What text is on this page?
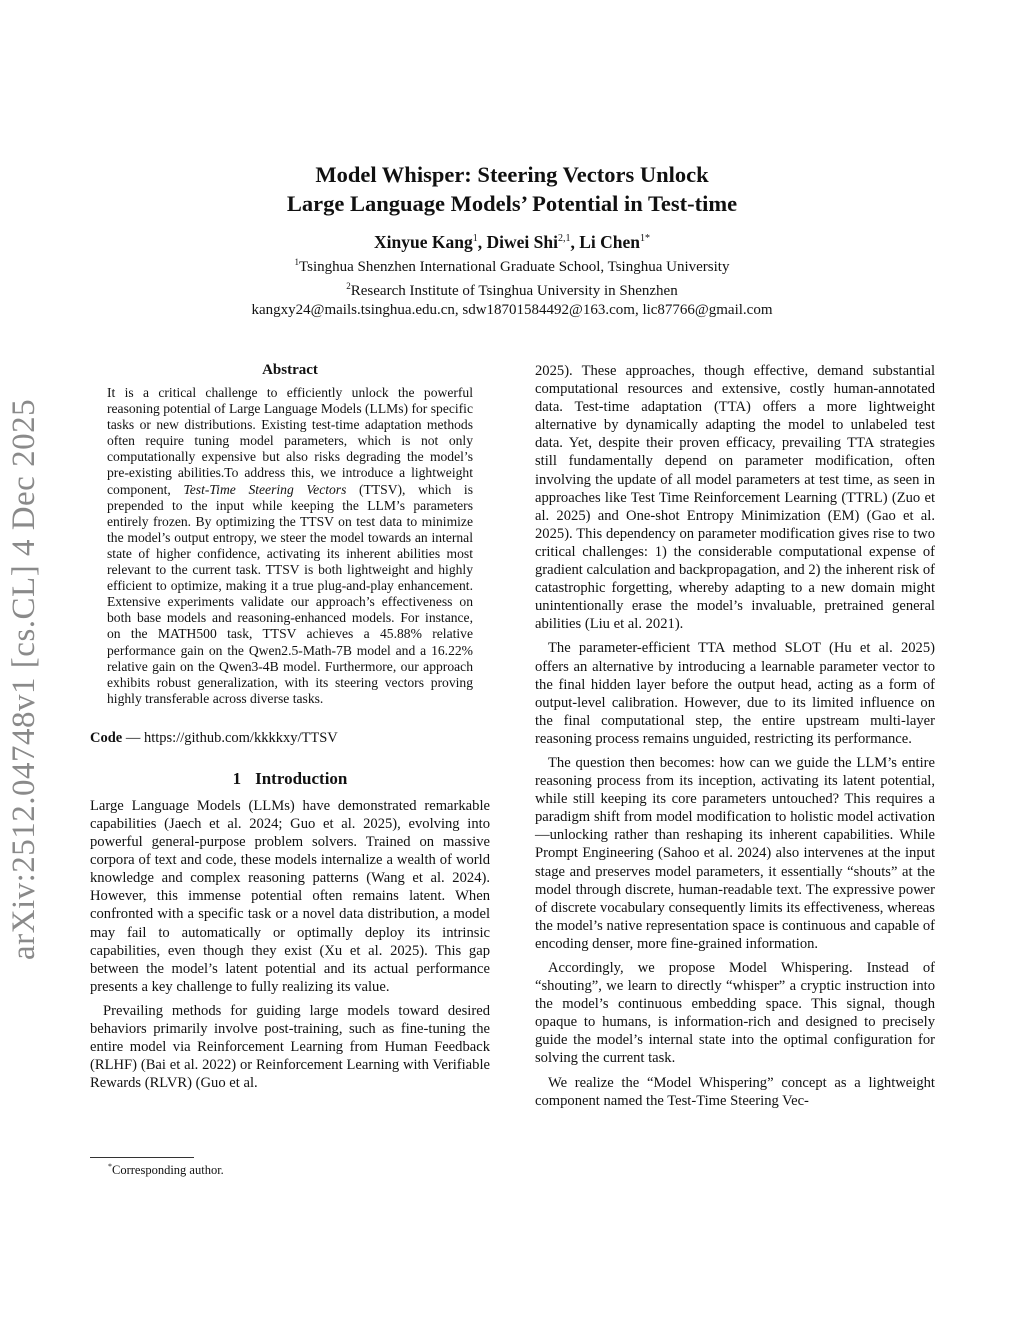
arXiv:2512.04748v1 [cs.CL] 4 Dec 2025
Model Whisper: Steering Vectors Unlock
Large Language Models’ Potential in Test-time
Xinyue Kang$^1$, Diwei Shi$^{2,1}$, Li Chen$^{1*}$
$^1$Tsinghua Shenzhen International Graduate School, Tsinghua University
$^2$Research Institute of Tsinghua University in Shenzhen
kangxy24@mails.tsinghua.edu.cn, sdw18701584492@163.com, lic87766@gmail.com
Abstract

It is a critical challenge to efficiently unlock the powerful reasoning potential of Large Language Models (LLMs) for specific tasks or new distributions. Existing test-time adaptation methods often require tuning model parameters, which is not only computationally expensive but also risks degrading the model’s pre-existing abilities.To address this, we introduce a lightweight component, Test-Time Steering Vectors (TTSV), which is prepended to the input while keeping the LLM’s parameters entirely frozen. By optimizing the TTSV on test data to minimize the model’s output entropy, we steer the model towards an internal state of higher confidence, activating its inherent abilities most relevant to the current task. TTSV is both lightweight and highly efficient to optimize, making it a true plug-and-play enhancement. Extensive experiments validate our approach’s effectiveness on both base models and reasoning-enhanced models. For instance, on the MATH500 task, TTSV achieves a 45.88% relative performance gain on the Qwen2.5-Math-7B model and a 16.22% relative gain on the Qwen3-4B model. Furthermore, our approach exhibits robust generalization, with its steering vectors proving highly transferable across diverse tasks.

Code — https://github.com/kkkkxy/TTSV
1 Introduction

Large Language Models (LLMs) have demonstrated remarkable capabilities (Jaech et al. 2024; Guo et al. 2025), evolving into powerful general-purpose problem solvers. Trained on massive corpora of text and code, these models internalize a wealth of world knowledge and complex reasoning patterns (Wang et al. 2024). However, this immense potential often remains latent. When confronted with a specific task or a novel data distribution, a model may fail to automatically or optimally deploy its intrinsic capabilities, even though they exist (Xu et al. 2025). This gap between the model’s latent potential and its actual performance presents a key challenge to fully realizing its value.

Prevailing methods for guiding large models toward desired behaviors primarily involve post-training, such as fine-tuning the entire model via Reinforcement Learning from Human Feedback (RLHF) (Bai et al. 2022) or Reinforcement Learning with Verifiable Rewards (RLVR) (Guo et al.

2025). These approaches, though effective, demand substantial computational resources and extensive, costly human-annotated data. Test-time adaptation (TTA) offers a more lightweight alternative by dynamically adapting the model to unlabeled test data. Yet, despite their proven efficacy, prevailing TTA strategies still fundamentally depend on parameter modification, often involving the update of all model parameters at test time, as seen in approaches like Test Time Reinforcement Learning (TTRL) (Zuo et al. 2025) and One-shot Entropy Minimization (EM) (Gao et al. 2025). This dependency on parameter modification gives rise to two critical challenges: 1) the considerable computational expense of gradient calculation and backpropagation, and 2) the inherent risk of catastrophic forgetting, whereby adapting to a new domain might unintentionally erase the model’s invaluable, pretrained general abilities (Liu et al. 2021).

The parameter-efficient TTA method SLOT (Hu et al. 2025) offers an alternative by introducing a learnable parameter vector to the final hidden layer before the output head, acting as a form of output-level calibration. However, due to its limited influence on the final computational step, the entire upstream multi-layer reasoning process remains unguided, restricting its performance.

The question then becomes: how can we guide the LLM’s entire reasoning process from its inception, activating its latent potential, while still keeping its core parameters untouched? This requires a paradigm shift from model modification to holistic model activation—unlocking rather than reshaping its inherent capabilities. While Prompt Engineering (Sahoo et al. 2024) also intervenes at the input stage and preserves model parameters, it essentially “shouts” at the model through discrete, human-readable text. The expressive power of discrete vocabulary consequently limits its effectiveness, whereas the model’s native representation space is continuous and capable of encoding denser, more fine-grained information.

Accordingly, we propose Model Whispering. Instead of “shouting”, we learn to directly “whisper” a cryptic instruction into the model’s continuous embedding space. This signal, though opaque to humans, is information-rich and designed to precisely guide the model’s internal state into the optimal configuration for solving the current task.

We realize the “Model Whispering” concept as a lightweight component named the Test-Time Steering Vec-

*Corresponding author.
